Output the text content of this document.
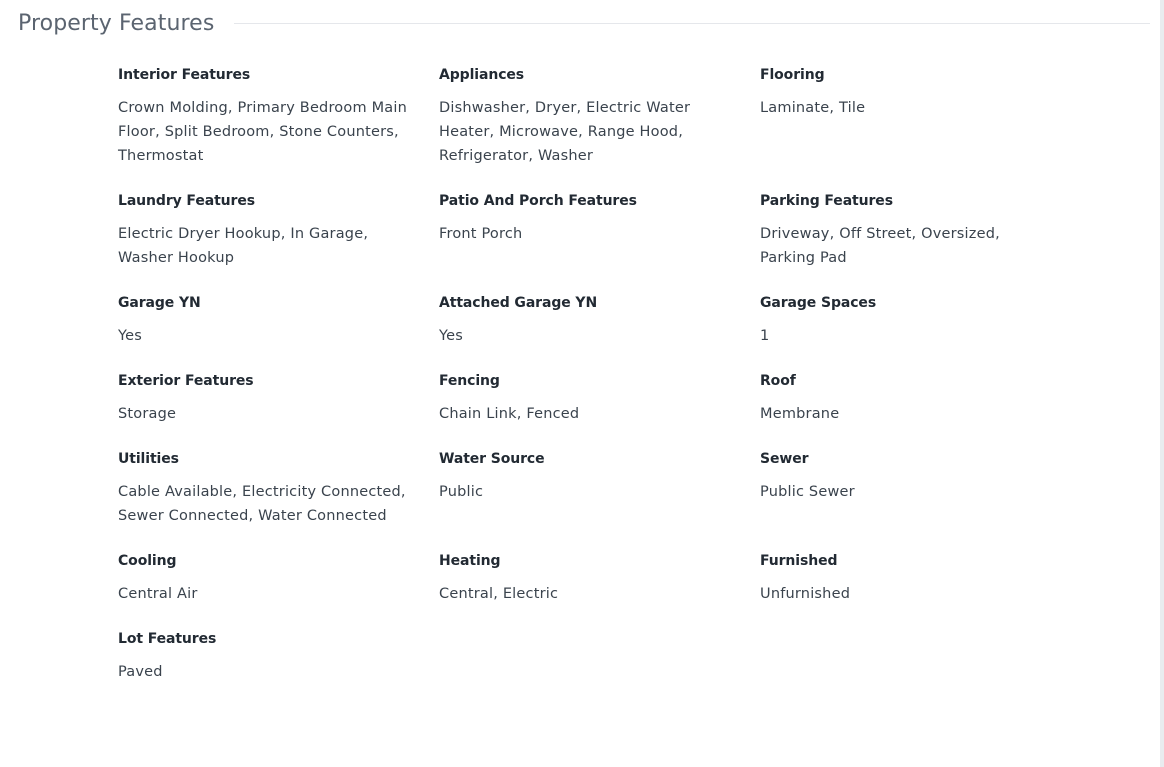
Property Features
Interior Features
Crown Molding, Primary Bedroom Main Floor, Split Bedroom, Stone Counters, Thermostat
Appliances
Dishwasher, Dryer, Electric Water Heater, Microwave, Range Hood, Refrigerator, Washer
Flooring
Laminate, Tile
Laundry Features
Electric Dryer Hookup, In Garage, Washer Hookup
Patio And Porch Features
Front Porch
Parking Features
Driveway, Off Street, Oversized, Parking Pad
Garage YN
Yes
Attached Garage YN
Yes
Garage Spaces
1
Exterior Features
Storage
Fencing
Chain Link, Fenced
Roof
Membrane
Utilities
Cable Available, Electricity Connected, Sewer Connected, Water Connected
Water Source
Public
Sewer
Public Sewer
Cooling
Central Air
Heating
Central, Electric
Furnished
Unfurnished
Lot Features
Paved
